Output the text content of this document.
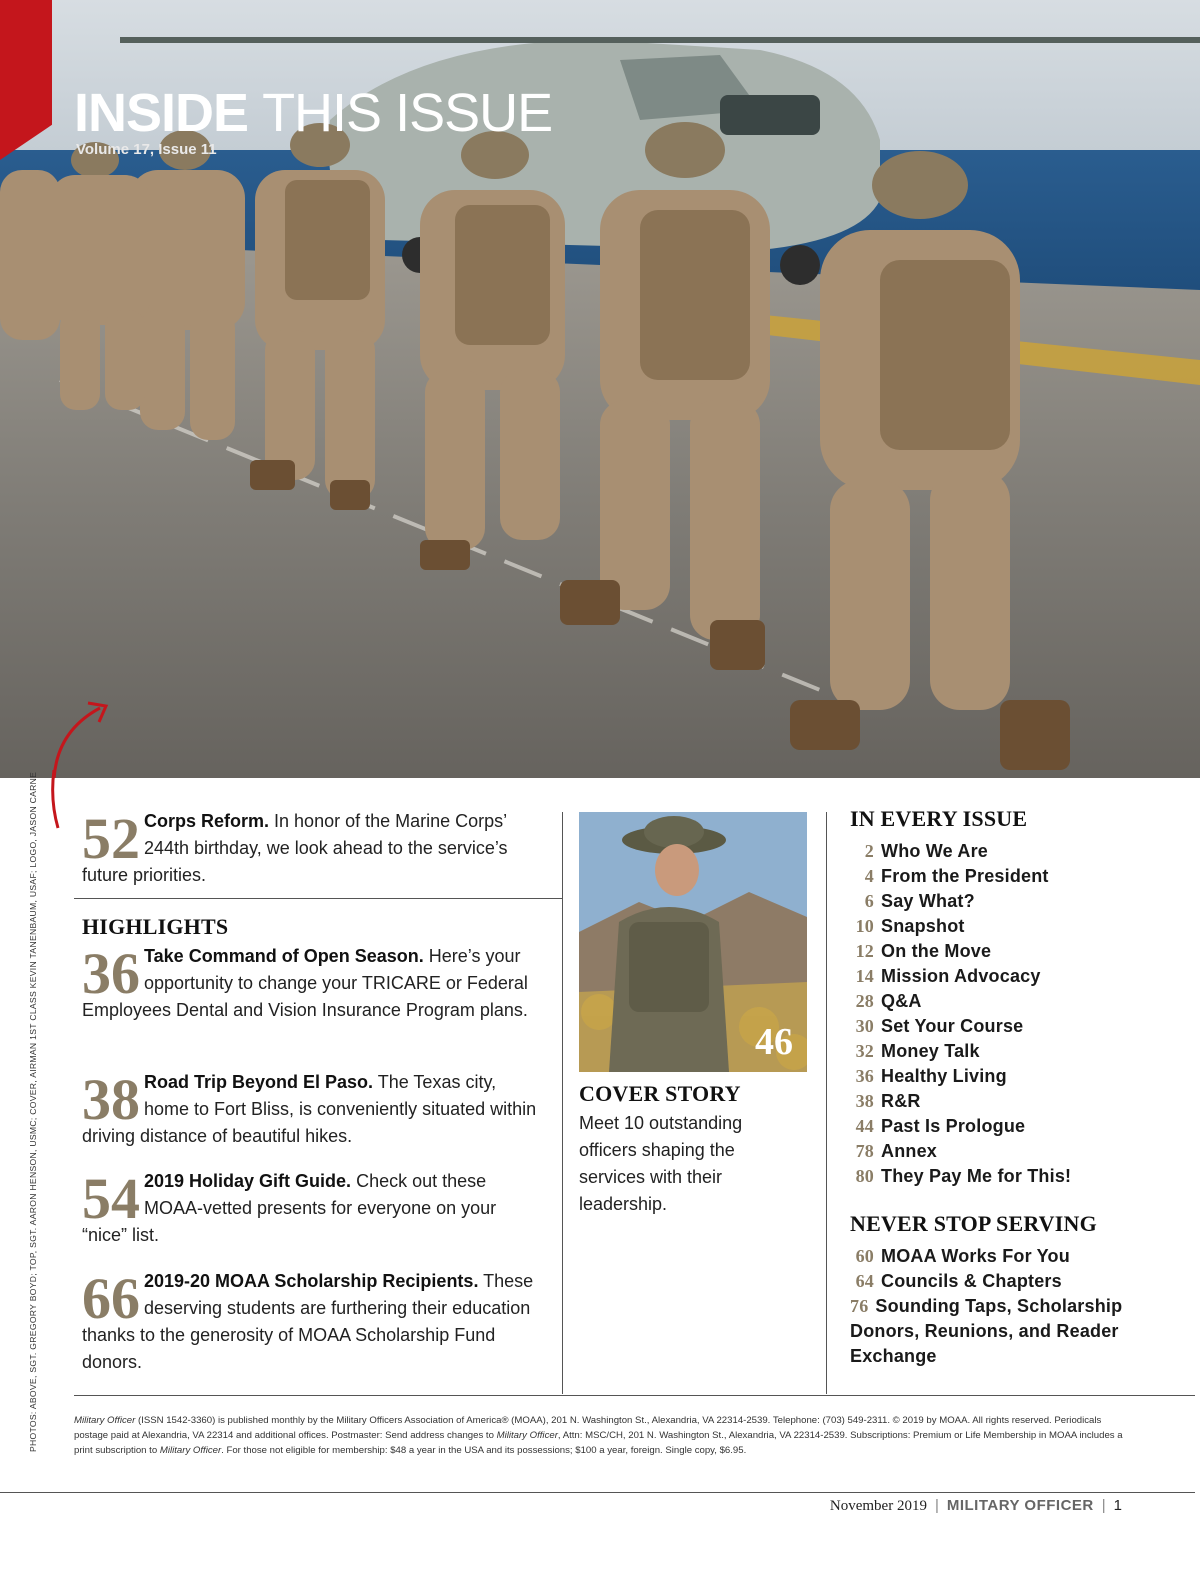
INSIDE THIS ISSUE
Volume 17, Issue 11
PHOTOS: ABOVE, SGT. GREGORY BOYD; TOP, SGT. AARON HENSON, USMC; COVER, AIRMAN 1ST CLASS KEVIN TANENBAUM, USAF; LOGO, JASON CARNE 52 Corps Reform. In honor of the Marine Corps’ 244th birthday, we look ahead to the service’s future priorities.
HIGHLIGHTS
36 Take Command of Open Season. Here’s your opportunity to change your TRICARE or Federal Employees Dental and Vision Insurance Program plans.
38 Road Trip Beyond El Paso. The Texas city, home to Fort Bliss, is conveniently situated within driving distance of beautiful hikes.
54 2019 Holiday Gift Guide. Check out these MOAA-vetted presents for everyone on your “nice” list.
66 2019-20 MOAA Scholarship Recipients. These deserving students are furthering their education thanks to the generosity of MOAA Scholarship Fund donors.
46
COVER STORY
Meet 10 outstanding officers shaping the services with their leadership.
IN EVERY ISSUE
2 Who We Are
4 From the President
6 Say What?
10 Snapshot
12 On the Move
14 Mission Advocacy
28 Q&A
30 Set Your Course
32 Money Talk
36 Healthy Living
38 R&R
44 Past Is Prologue
78 Annex
80 They Pay Me for This!
NEVER STOP SERVING
60 MOAA Works For You
64 Councils & Chapters
76 Sounding Taps, Scholarship Donors, Reunions, and Reader Exchange
Military Officer (ISSN 1542-3360) is published monthly by the Military Officers Association of America® (MOAA), 201 N. Washington St., Alexandria, VA 22314-2539. Telephone: (703) 549-2311. © 2019 by MOAA. All rights reserved. Periodicals postage paid at Alexandria, VA 22314 and additional offices. Postmaster: Send address changes to Military Officer, Attn: MSC/CH, 201 N. Washington St., Alexandria, VA 22314-2539. Subscriptions: Premium or Life Membership in MOAA includes a print subscription to Military Officer. For those not eligible for membership: $48 a year in the USA and its possessions; $100 a year, foreign. Single copy, $6.95.
November 2019 | MILITARY OFFICER | 1
